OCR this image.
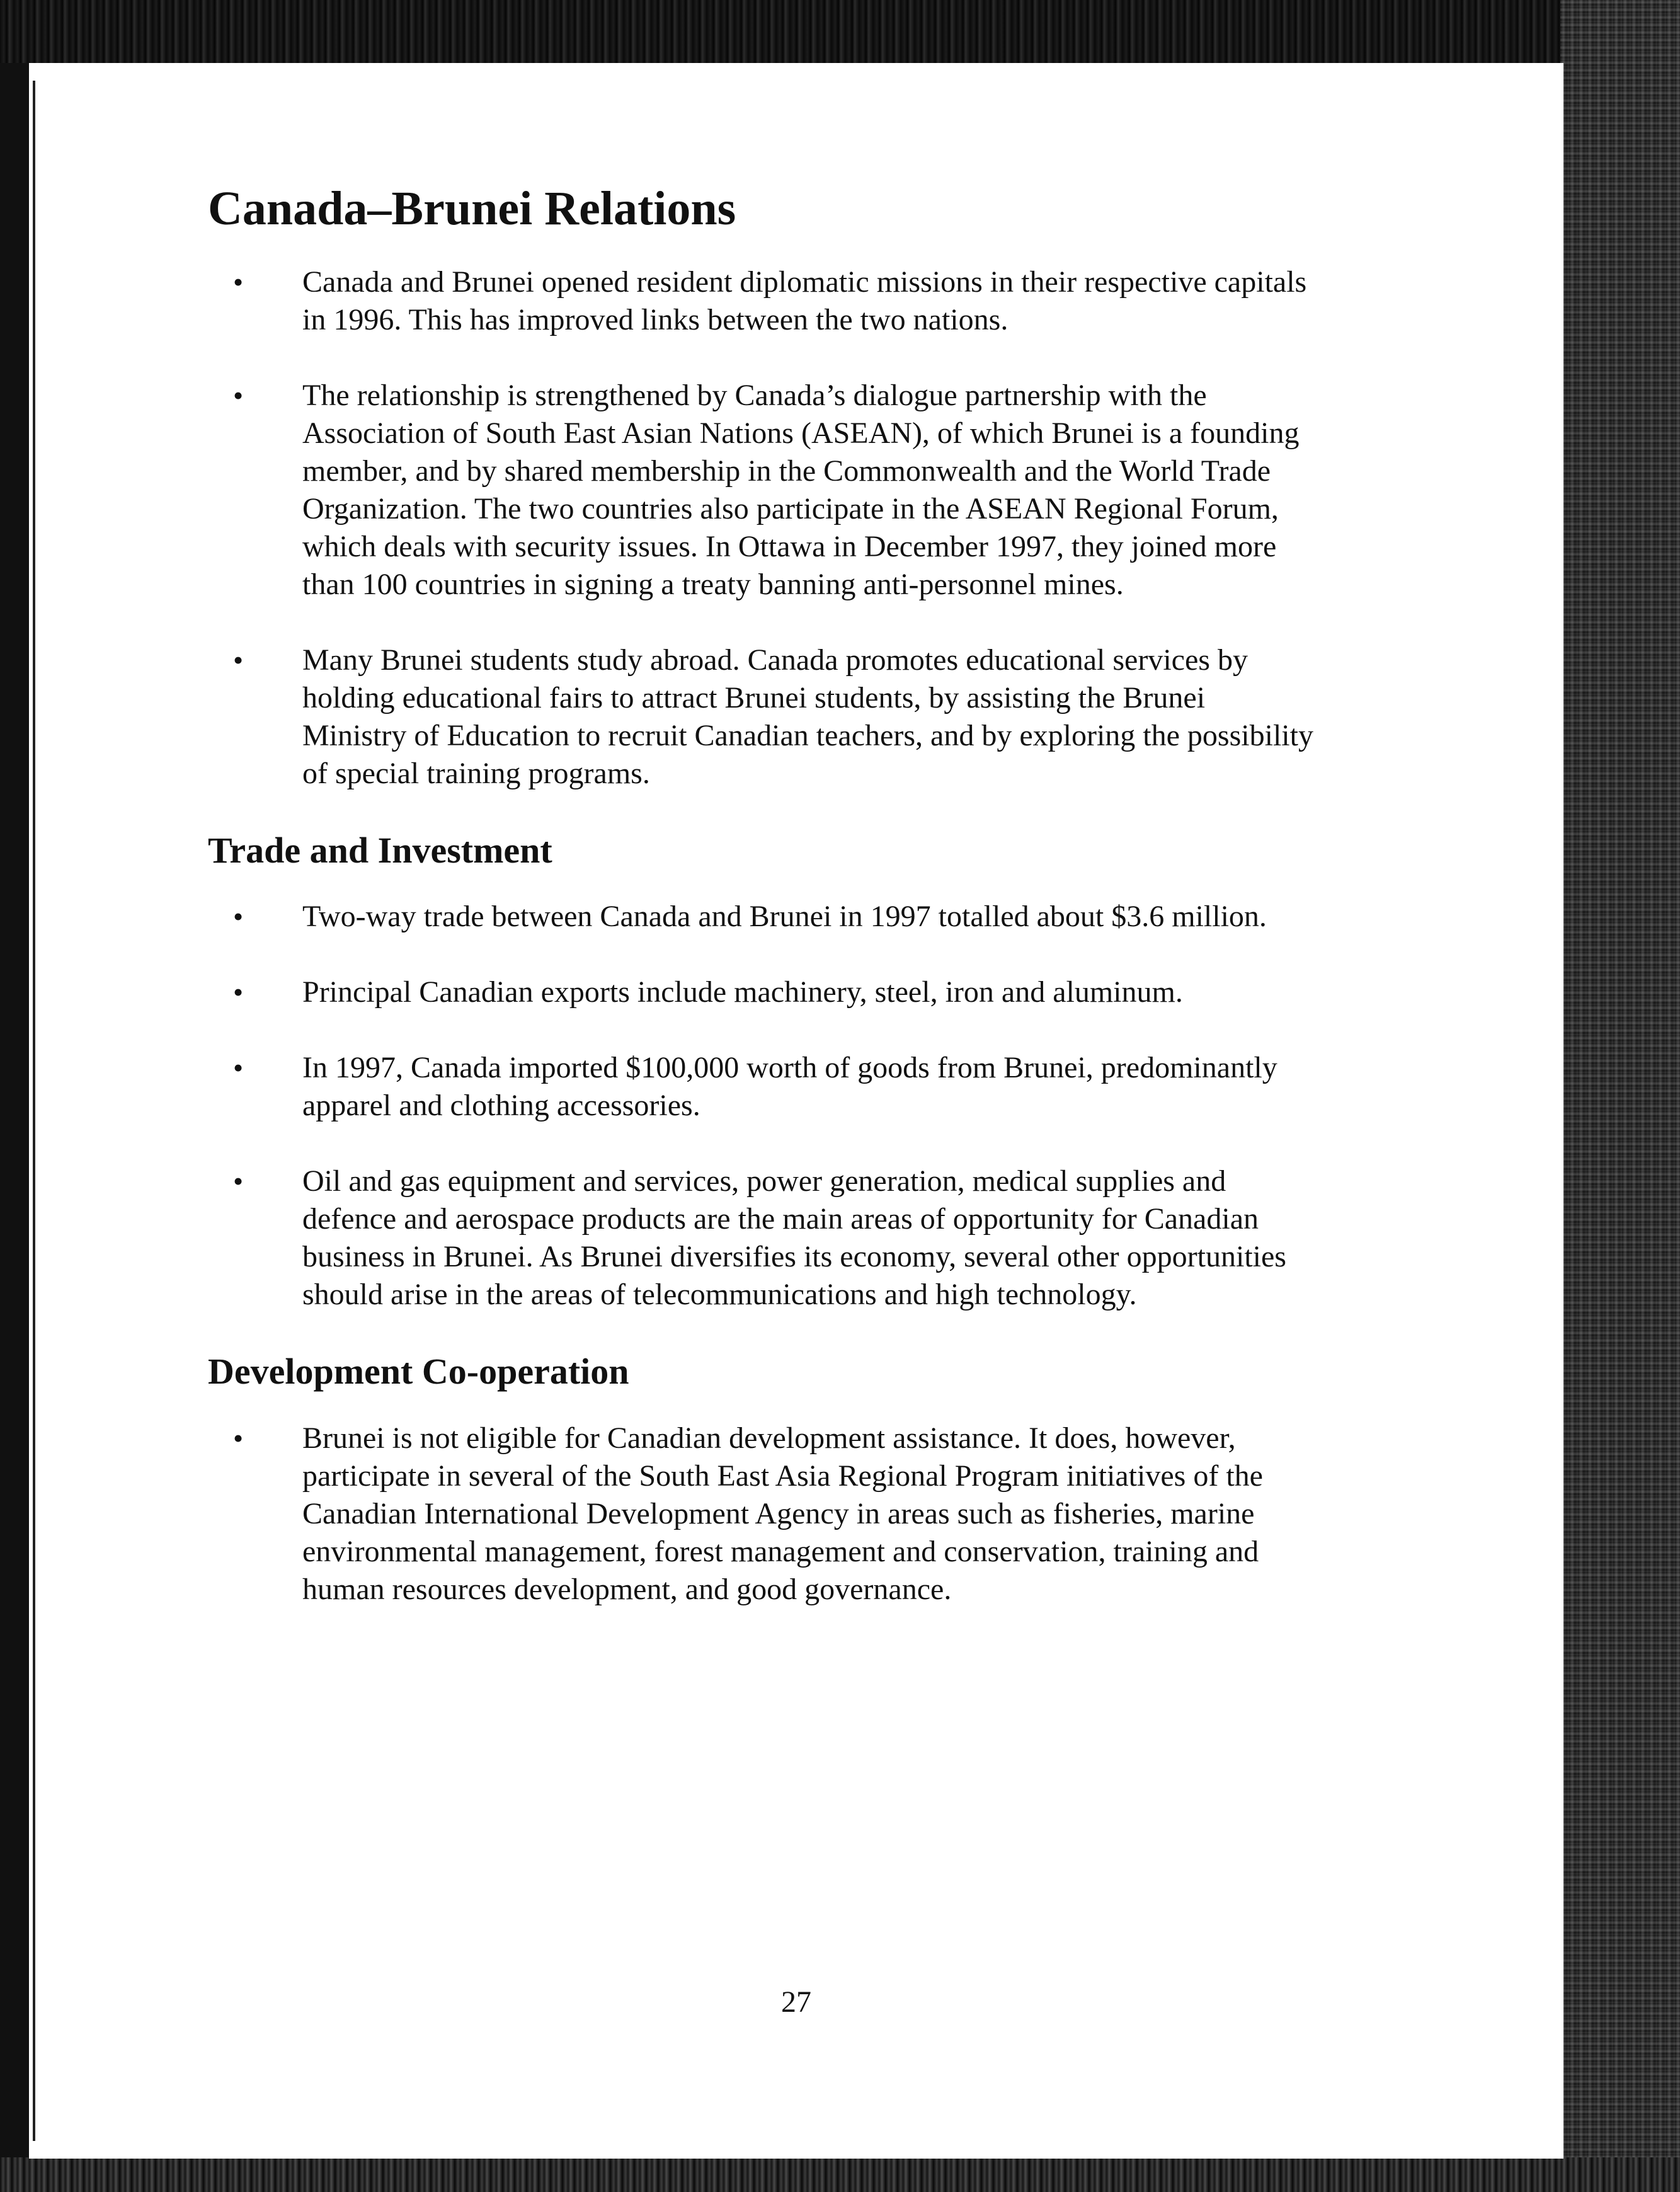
Canada–Brunei Relations
•	Canada and Brunei opened resident diplomatic missions in their respective capitals in 1996. This has improved links between the two nations.

•	The relationship is strengthened by Canada’s dialogue partnership with the Association of South East Asian Nations (ASEAN), of which Brunei is a founding member, and by shared membership in the Commonwealth and the World Trade Organization. The two countries also participate in the ASEAN Regional Forum, which deals with security issues. In Ottawa in December 1997, they joined more than 100 countries in signing a treaty banning anti-personnel mines.

•	Many Brunei students study abroad. Canada promotes educational services by holding educational fairs to attract Brunei students, by assisting the Brunei Ministry of Education to recruit Canadian teachers, and by exploring the possibility of special training programs.

Trade and Investment
•	Two-way trade between Canada and Brunei in 1997 totalled about $3.6 million.

•	Principal Canadian exports include machinery, steel, iron and aluminum.

•	In 1997, Canada imported $100,000 worth of goods from Brunei, predominantly apparel and clothing accessories.

•	Oil and gas equipment and services, power generation, medical supplies and defence and aerospace products are the main areas of opportunity for Canadian business in Brunei. As Brunei diversifies its economy, several other opportunities should arise in the areas of telecommunications and high technology.

Development Co-operation
•	Brunei is not eligible for Canadian development assistance. It does, however, participate in several of the South East Asia Regional Program initiatives of the Canadian International Development Agency in areas such as fisheries, marine environmental management, forest management and conservation, training and human resources development, and good governance.

27
